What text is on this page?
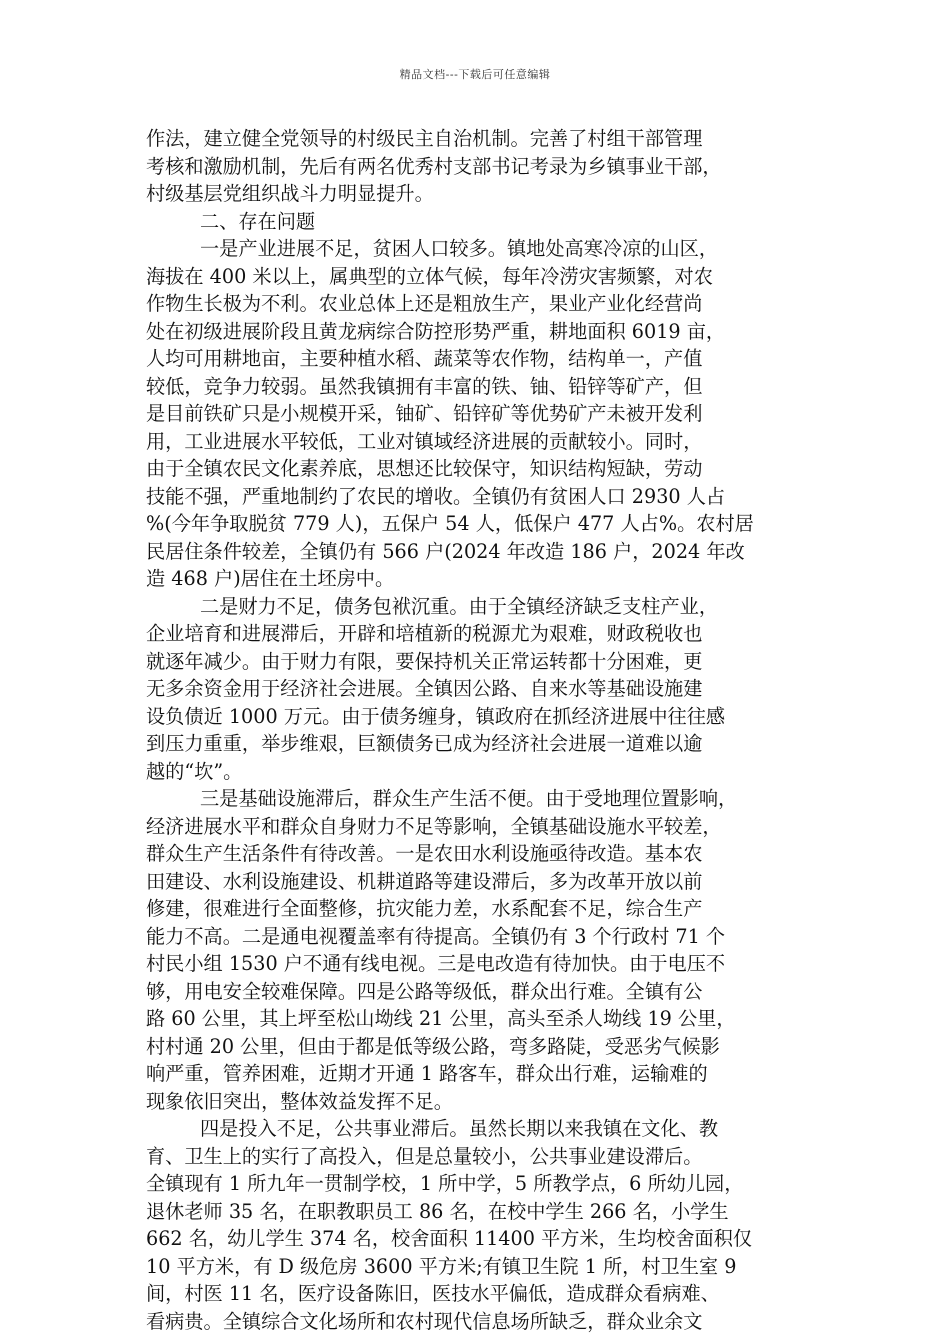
精品文档---下载后可任意编辑
作法，建立健全党领导的村级民主自治机制。完善了村组干部管理
考核和激励机制，先后有两名优秀村支部书记考录为乡镇事业干部，
村级基层党组织战斗力明显提升。
二、存在问题
一是产业进展不足，贫困人口较多。镇地处高寒冷凉的山区，
海拔在 400 米以上，属典型的立体气候，每年冷涝灾害频繁，对农
作物生长极为不利。农业总体上还是粗放生产，果业产业化经营尚
处在初级进展阶段且黄龙病综合防控形势严重，耕地面积 6019 亩，
人均可用耕地亩，主要种植水稻、蔬菜等农作物，结构单一，产值
较低，竞争力较弱。虽然我镇拥有丰富的铁、铀、铅锌等矿产，但
是目前铁矿只是小规模开采，铀矿、铅锌矿等优势矿产未被开发利
用，工业进展水平较低，工业对镇域经济进展的贡献较小。同时，
由于全镇农民文化素养底，思想还比较保守，知识结构短缺，劳动
技能不强，严重地制约了农民的增收。全镇仍有贫困人口 2930 人占
%(今年争取脱贫 779 人)，五保户 54 人，低保户 477 人占%。农村居
民居住条件较差，全镇仍有 566 户(2024 年改造 186 户，2024 年改
造 468 户)居住在土坯房中。
二是财力不足，债务包袱沉重。由于全镇经济缺乏支柱产业，
企业培育和进展滞后，开辟和培植新的税源尤为艰难，财政税收也
就逐年减少。由于财力有限，要保持机关正常运转都十分困难，更
无多余资金用于经济社会进展。全镇因公路、自来水等基础设施建
设负债近 1000 万元。由于债务缠身，镇政府在抓经济进展中往往感
到压力重重，举步维艰，巨额债务已成为经济社会进展一道难以逾
越的“坎”。
三是基础设施滞后，群众生产生活不便。由于受地理位置影响，
经济进展水平和群众自身财力不足等影响，全镇基础设施水平较差，
群众生产生活条件有待改善。一是农田水利设施亟待改造。基本农
田建设、水利设施建设、机耕道路等建设滞后，多为改革开放以前
修建，很难进行全面整修，抗灾能力差，水系配套不足，综合生产
能力不高。二是通电视覆盖率有待提高。全镇仍有 3 个行政村 71 个
村民小组 1530 户不通有线电视。三是电改造有待加快。由于电压不
够，用电安全较难保障。四是公路等级低，群众出行难。全镇有公
路 60 公里，其上坪至松山坳线 21 公里，高头至杀人坳线 19 公里，
村村通 20 公里，但由于都是低等级公路，弯多路陡，受恶劣气候影
响严重，管养困难，近期才开通 1 路客车，群众出行难，运输难的
现象依旧突出，整体效益发挥不足。
四是投入不足，公共事业滞后。虽然长期以来我镇在文化、教
育、卫生上的实行了高投入，但是总量较小，公共事业建设滞后。
全镇现有 1 所九年一贯制学校，1 所中学，5 所教学点，6 所幼儿园，
退休老师 35 名，在职教职员工 86 名，在校中学生 266 名，小学生
662 名，幼儿学生 374 名，校舍面积 11400 平方米，生均校舍面积仅
10 平方米，有 D 级危房 3600 平方米;有镇卫生院 1 所，村卫生室 9
间，村医 11 名，医疗设备陈旧，医技水平偏低，造成群众看病难、
看病贵。全镇综合文化场所和农村现代信息场所缺乏，群众业余文
